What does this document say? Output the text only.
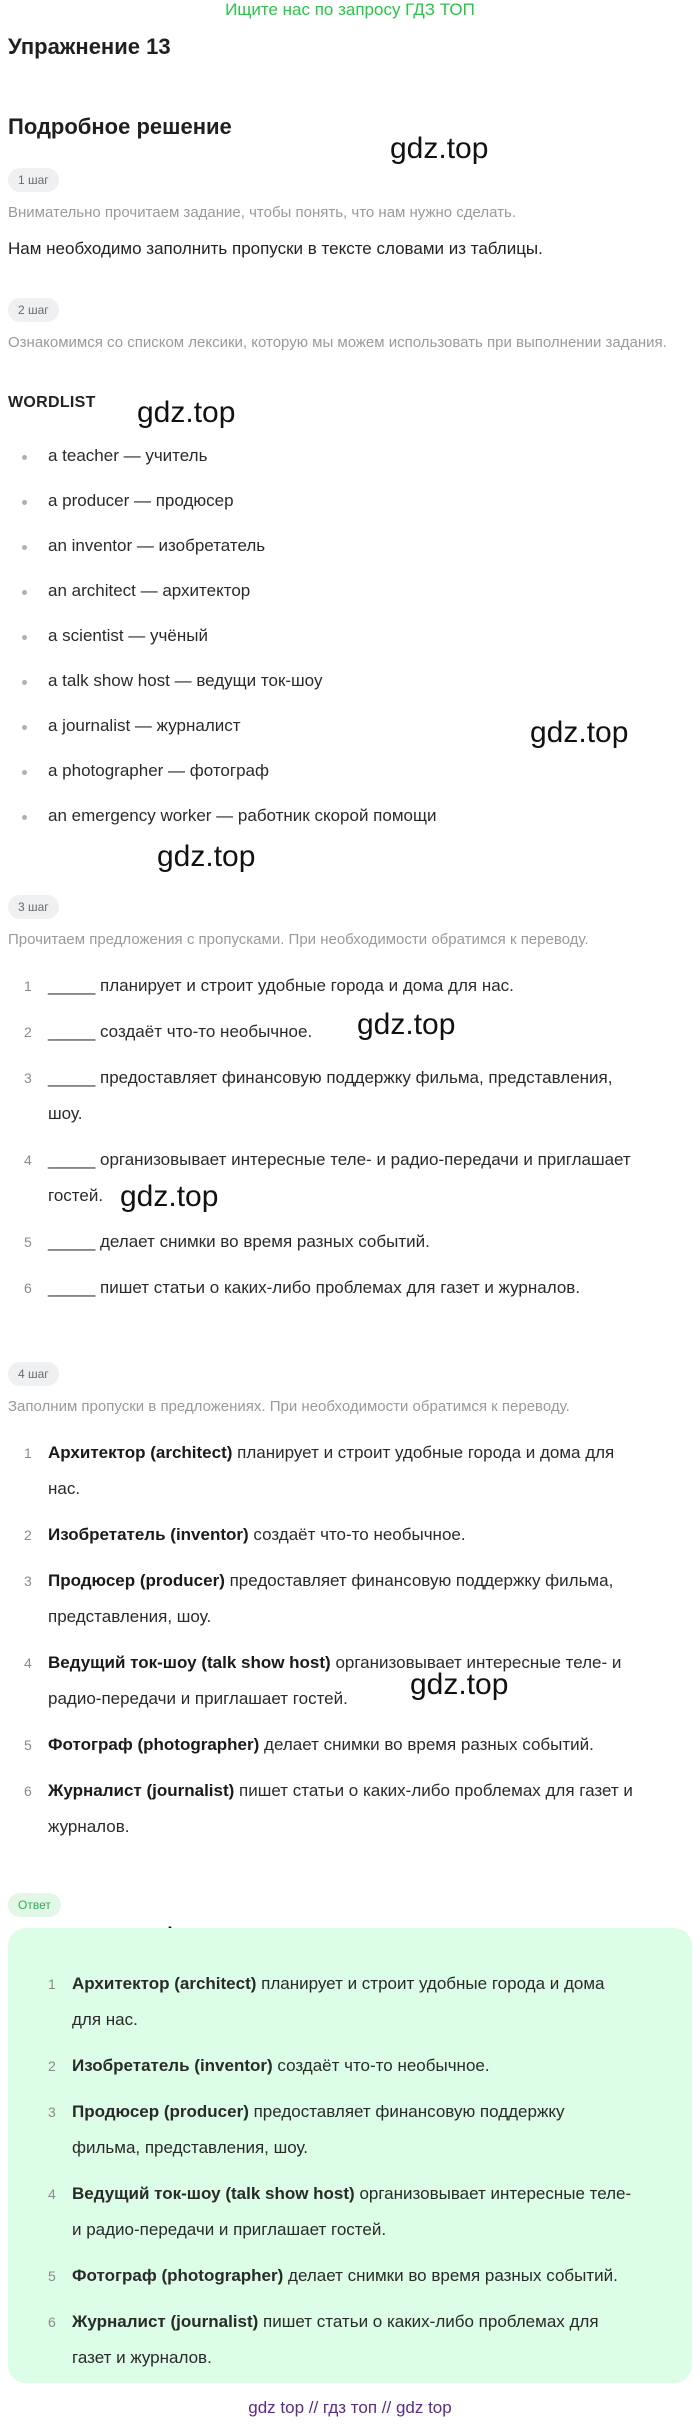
Ищите нас по запросу ГДЗ ТОП
Упражнение 13
Подробное решение
gdz.top
gdz.top
gdz.top
gdz.top
gdz.top
gdz.top
gdz.top
1 шаг
Внимательно прочитаем задание, чтобы понять, что нам нужно сделать.
Нам необходимо заполнить пропуски в тексте словами из таблицы.
2 шаг
Ознакомимся со списком лексики, которую мы можем использовать при выполнении задания.
WORDLIST
a teacher — учитель
a producer — продюсер
an inventor — изобретатель
an architect — архитектор
a scientist — учёный
a talk show host — ведущи ток-шоу
a journalist — журналист
a photographer — фотограф
an emergency worker — работник скорой помощи
3 шаг
Прочитаем предложения с пропусками. При необходимости обратимся к переводу.
1 _____ планирует и строит удобные города и дома для нас.
2 _____ создаёт что-то необычное.
3 _____ предоставляет финансовую поддержку фильма, представления,
шоу.
4 _____ организовывает интересные теле- и радио-передачи и приглашает
гостей.
5 _____ делает снимки во время разных событий.
6 _____ пишет статьи о каких-либо проблемах для газет и журналов.
4 шаг
Заполним пропуски в предложениях. При необходимости обратимся к переводу.
1 Архитектор (architect) планирует и строит удобные города и дома для
нас.
2 Изобретатель (inventor) создаёт что-то необычное.
3 Продюсер (producer) предоставляет финансовую поддержку фильма,
представления, шоу.
4 Ведущий ток-шоу (talk show host) организовывает интересные теле- и
радио-передачи и приглашает гостей.
5 Фотограф (photographer) делает снимки во время разных событий.
6 Журналист (journalist) пишет статьи о каких-либо проблемах для газет и
журналов.
Ответ
1 Архитектор (architect) планирует и строит удобные города и дома
для нас.
2 Изобретатель (inventor) создаёт что-то необычное.
3 Продюсер (producer) предоставляет финансовую поддержку
фильма, представления, шоу.
4 Ведущий ток-шоу (talk show host) организовывает интересные теле-
и радио-передачи и приглашает гостей.
5 Фотограф (photographer) делает снимки во время разных событий.
6 Журналист (journalist) пишет статьи о каких-либо проблемах для
газет и журналов.
gdz top // гдз топ // gdz top
